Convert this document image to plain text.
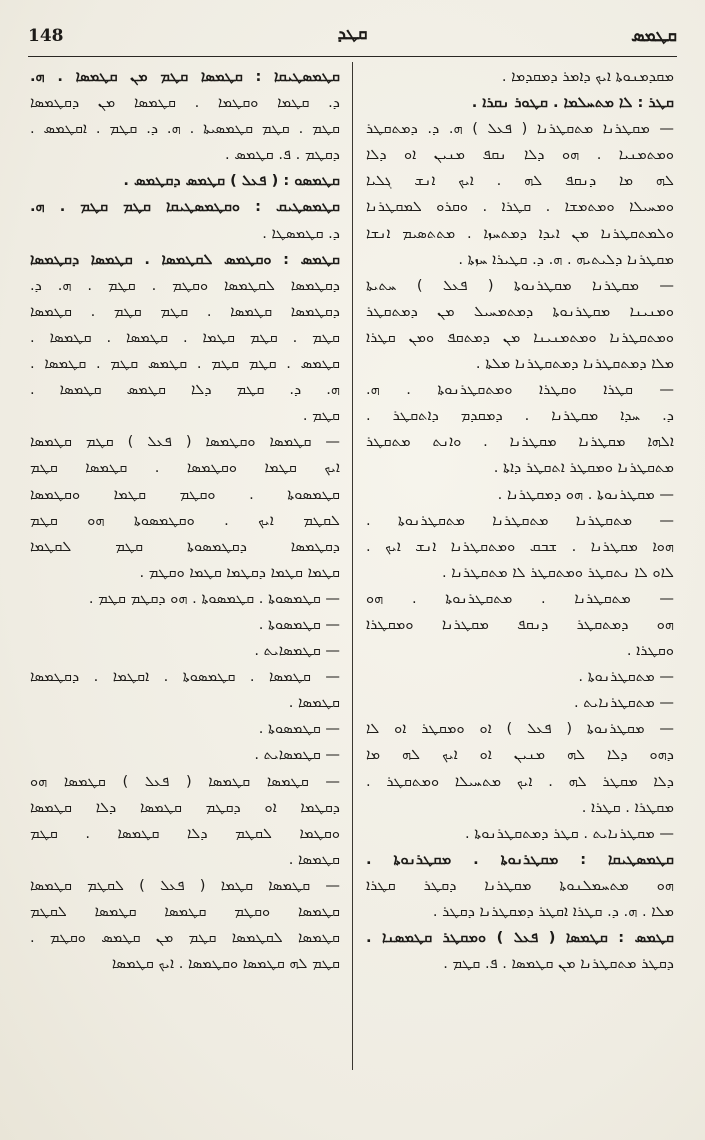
148	ܩܛܕ	ܩܛܡܣ
ܩܛܡܣܛܝܩܐ : ܩܛܡܣܐ ܩܛܡ ܡܢ ܩܛܡܣܐ . ܗ.
ܕ. ܩܛܡܐ ܘܩܛܡܐ . ܩܛܡܣܐ ܡܢ ܕܩܛܡܣܐ
ܩܛܡ . ܩܛܡ ܩܛܡܣܝܬܐ . ܗ. ܕ. ܩܛܡ . ܐܩܛܡܣ .
ܕܩܛܡ . ܦ. ܩܛܡܣ .
ܩܛܡܣܘ : ( ܦܥܠ ) ܩܛܡܣ ܕܩܛܡܣ .
ܩܛܡܣܛܝܩ : ܘܩܛܡܣܛܝܩܐ ܩܛܡ ܩܛܡ . ܗ.
ܕ. ܩܛܡܣܛܐ .
ܩܛܡܣ : ܘܩܛܡܣ ܠܩܛܡܣܐ . ܩܛܡܣܐ ܕܩܛܡܣܐ
ܕܩܛܡܣܐ ܠܩܛܡܣܐ ܘܩܛܡ . ܩܛܡ . ܗ. ܕ.
ܕܩܛܡܣܐ ܩܛܡܣܐ . ܩܛܡ ܩܛܡ . ܩܛܡܣܐ
ܩܛܡ . ܩܛܡ ܩܛܡܐ . ܩܛܡܣܐ . ܩܛܡܣܐ .
ܩܛܡܣ . ܩܛܡ ܩܛܡ . ܩܛܡܣ ܩܛܡ . ܩܛܡܣܐ .
ܗ. ܕ. ܩܛܡ ܕܠܐ ܩܛܡܣ ܩܛܡܣܐ .
ܩܛܡ .
— ܩܛܡܣܐ ܘܩܛܡܣܐ ( ܦܥܠ ) ܩܛܡ ܩܛܡܣܐ
ܐܝܟ ܩܛܡܐ ܘܩܛܡܣܐ . ܩܛܡܣܐ ܩܛܡ
ܩܛܡܣܘܬܐ . ܘܩܛܡ ܩܛܡܐ ܘܩܛܡܣܐ
ܠܩܛܡ ܐܝܟ . ܘܩܛܡܣܘܬܐ ܗܘ ܩܛܡ
ܕܩܛܡܣܐ ܕܩܛܡܣܘܬܐ ܩܛܡ ܠܩܛܡܐ
ܩܛܡܐ ܩܛܡܐ ܕܩܛܡܐ ܩܛܡܐ ܘܩܛܡ .
— ܩܛܡܣܘܬܐ . ܩܛܡܣܘܬܐ . ܗܘ ܕܩܛܡ ܩܛܡ .
— ܩܛܡܣܘܬܐ .
— ܩܛܡܣܐܝܬ .
— ܩܛܡܣܐ . ܩܛܡܣܘܬܐ . ܐܩܛܡܐ . ܕܩܛܡܣܐ
ܩܛܡܣܐ .
— ܩܛܡܣܘܬܐ .
— ܩܛܡܣܐܝܬ .
— ܩܛܡܣܐ ܩܛܡܣܐ ( ܦܥܠ ) ܩܛܡܣܐ ܗܘ
ܕܩܛܡܐ ܐܘ ܕܩܛܡ ܩܛܡܣܐ ܕܠܐ ܩܛܡܣܐ
ܘܩܛܡܐ ܠܩܛܡ ܕܠܐ ܩܛܡܣܐ . ܩܛܡ
ܩܛܡܣܐ .
— ܩܛܡܣܐ ܩܛܡܐ ( ܦܥܠ ) ܠܩܛܡ ܩܛܡܣܐ
ܩܛܡܣܐ ܘܩܛܡ ܩܛܡܣܐ ܩܛܡܣܐ ܠܩܛܡ
ܩܛܡܣܐ ܠܩܛܡܣܐ ܩܛܡ ܡܢ ܩܛܡܣ ܘܩܛܡ .
ܩܛܡ ܠܗ ܩܛܡܣܐ ܘܩܛܡܣܐ . ܐܝܟ ܩܛܡܣܐ
ܡܩܕܡܢܘܬܐ ܐܝܟ ܕܐܡܪ ܕܡܩܕܡܐ .
ܩܛܪ : ܠܐ ܡܬܚܠܡܐ . ܩܛܘܪ ܢܩܪܐ .
— ܡܩܛܪܢܐ ܡܬܩܛܪܢܐ ( ܦܥܠ ) ܗ. ܕ. ܕܡܬܩܛܪ
ܘܡܬܡܢܝܐ . ܗܘ ܕܠܐ ܢܩܦ ܡܢܝܢ ܐܘ ܕܠܐ
ܠܗ ܡܐ ܕܢܩܦ ܠܗ . ܐܝܟ ܐܢܫ ܓܠܝܐ
ܘܡܚܝܠܐ ܘܡܬܡܫܐ . ܩܛܪܐ . ܘܩܪܘ ܠܡܩܛܪܢܐ
ܘܠܡܬܩܛܪܢܐ ܡܢ ܐܝܕܐ ܕܡܬܚܙܐ . ܡܬܬܣܝܡ ܐܢܫܐ
ܡܩܛܪܢܐ ܕܠܝܬܝܗ . ܗ. ܕ. ܩܛܝܪܐ ܚܙܬܐ .
— ܡܩܛܪܢܐ ܡܩܛܪܢܘܬܐ ( ܦܥܠ ) ܚܬܝܬܐ
ܘܡܢܝܢܐ ܡܩܛܪܢܘܬܐ ܕܡܬܡܚܝܠ ܡܢ ܕܡܬܩܛܪ
ܘܡܬܩܛܪܢܐ ܘܡܬܡܢܝܢܐ ܡܢ ܕܡܬܩܦ ܘܡܢ ܩܛܪܐ
ܡܠܐ ܕܡܬܩܛܪܢܐ ܕܡܬܩܛܪܢܐ ܡܠܬܐ .
— ܩܛܪܐ ܘܩܛܪܐ ܘܡܬܩܛܪܢܘܬܐ . ܗ.
ܕ. ܚܕܐ ܡܩܛܪܢܐ . ܕܡܩܕܡ ܕܐܬܩܛܪ .
ܐܠܗܐ ܡܩܛܪܢܐ ܡܩܛܪܢܐ . ܘܐܢܬ ܡܬܩܛܪ
ܡܬܩܛܪܢܐ ܘܡܩܛܪ ܐܬܩܛܪ ܕܐܬܐ .
— ܡܩܛܪܢܘܬܐ . ܗܘ ܕܡܩܛܪܢܐ .
— ܡܬܩܛܪܢܐ ܡܬܩܛܪܢܐ ܡܬܩܛܪܢܘܬܐ .
ܗܘܐ ܡܩܛܪܢܐ . ܫܒܩ ܘܡܬܩܛܪܢܐ ܐܢܫ ܐܝܟ .
ܠܐܘ ܠܐ ܢܬܩܛܪ ܘܡܬܩܛܪ ܠܐ ܡܬܩܛܪܢܐ .
— ܡܬܩܛܪܢܐ . ܡܬܩܛܪܢܘܬܐ . ܗܘ
ܗܘ ܕܡܬܩܛܪ ܕܢܩܦ ܡܩܛܪܢܐ ܘܡܩܛܪܐ
ܘܩܛܪܐ .
— ܡܬܩܛܪܢܘܬܐ .
— ܡܬܩܛܪܢܐܝܬ .
— ܡܩܛܪܢܘܬܐ ( ܦܥܠ ) ܐܘ ܘܡܩܛܪ ܐܘ ܠܐ
ܕܗܘ ܕܠܐ ܠܗ ܡܢܝܢ ܐܘ ܐܝܟ ܠܗ ܡܐ
ܕܠܐ ܡܩܛܪ ܠܗ . ܐܝܟ ܡܬܚܝܠܐ ܘܡܬܩܛܪ .
ܡܩܛܪܐ . ܩܛܪܐ .
— ܡܩܛܪܢܐܝܬ . ܩܛܪ ܕܡܬܩܛܪܢܘܬܐ .
ܩܛܡܣܛܝܩܐ : ܡܩܛܪܢܘܬܐ . ܡܩܛܪܢܘܬܐ .
ܗܘ ܡܬܚܡܠܢܘܬܐ ܡܩܛܪܢܐ ܕܩܛܪ ܩܛܪܐ
ܡܠܐ . ܗ. ܕ. ܩܛܪܐ ܐܩܛܪ ܕܡܩܛܪܢܐ ܕܩܛܪ .
ܩܛܡܣ : ܩܛܡܣܐ ( ܦܥܠ ) ܘܡܩܛܪ ܩܛܡܣܢܐ .
ܕܩܛܪ ܡܬܩܛܪܢܐ ܡܢ ܩܛܡܣܐ . ܦ. ܩܛܡ .
